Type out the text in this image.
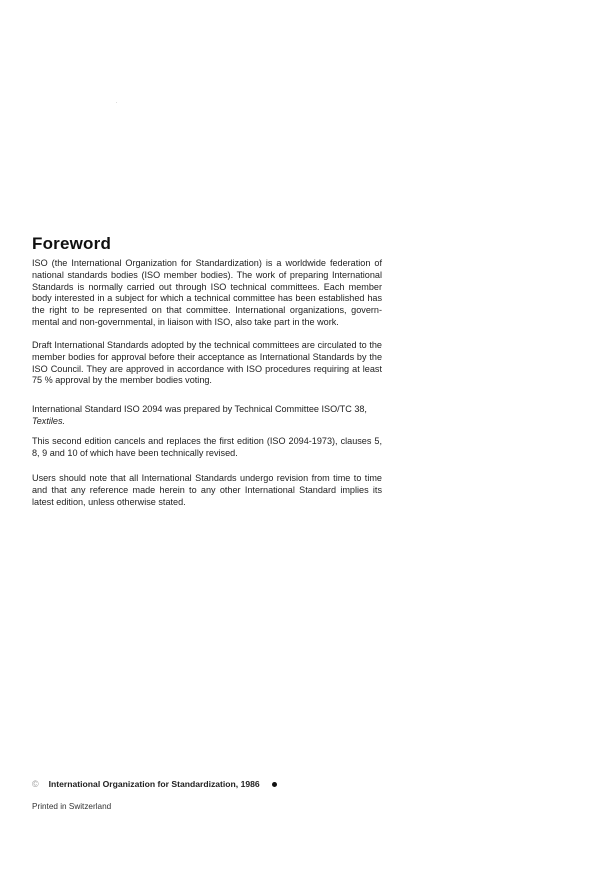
Foreword

ISO (the International Organization for Standardization) is a worldwide federation of national standards bodies (ISO member bodies). The work of preparing International Standards is normally carried out through ISO technical committees. Each member body interested in a subject for which a technical committee has been established has the right to be represented on that committee. International organizations, govern-mental and non-governmental, in liaison with ISO, also take part in the work.

Draft International Standards adopted by the technical committees are circulated to the member bodies for approval before their acceptance as International Standards by the ISO Council. They are approved in accordance with ISO procedures requiring at least 75 % approval by the member bodies voting.

International Standard ISO 2094 was prepared by Technical Committee ISO/TC 38,
Textiles.

This second edition cancels and replaces the first edition (ISO 2094-1973), clauses 5, 8, 9 and 10 of which have been technically revised.

Users should note that all International Standards undergo revision from time to time and that any reference made herein to any other International Standard implies its latest edition, unless otherwise stated.

© International Organization for Standardization, 1986
Printed in Switzerland
